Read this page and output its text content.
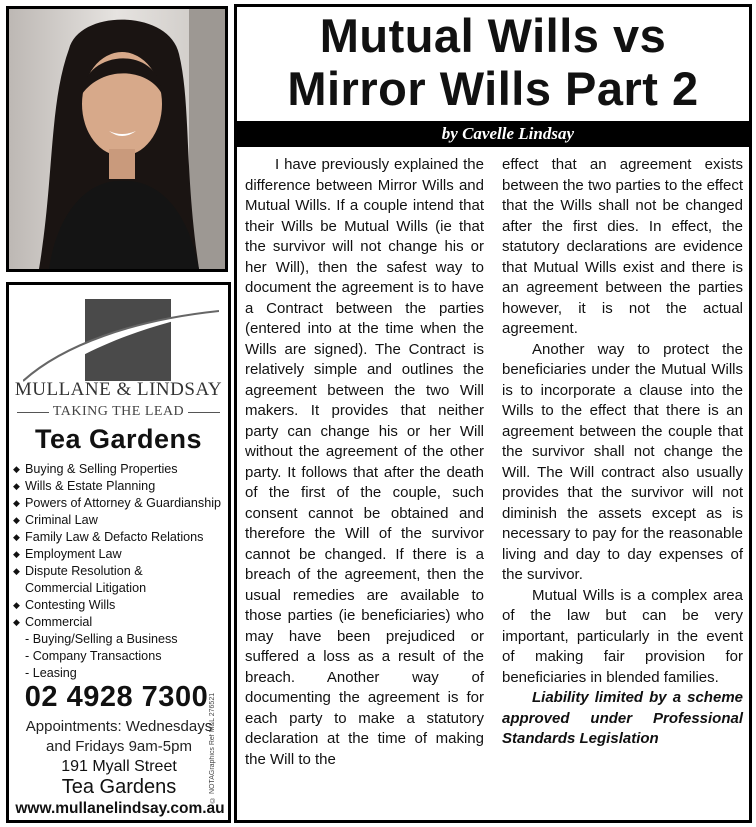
MULLANE & LINDSAY
TAKING THE LEAD
Tea Gardens
◆ Buying & Selling Properties
◆ Wills & Estate Planning
◆ Powers of Attorney & Guardianship
◆ Criminal Law
◆ Family Law & Defacto Relations
◆ Employment Law
◆ Dispute Resolution &
Commercial Litigation
◆ Contesting Wills
◆ Commercial
- Buying/Selling a Business
- Company Transactions
- Leasing
02 4928 7300
Appointments: Wednesdays
and Fridays 9am-5pm
191 Myall Street
Tea Gardens
www.mullanelindsay.com.au
© NOTAGraphics Ref M&L 276521
Mutual Wills vs
Mirror Wills Part 2
by Cavelle Lindsay

I have previously explained the difference between Mirror Wills and Mutual Wills. If a couple intend that their Wills be Mutual Wills (ie that the survivor will not change his or her Will), then the safest way to document the agreement is to have a Contract between the parties (entered into at the time when the Wills are signed). The Contract is relatively simple and outlines the agreement between the two Will makers. It provides that neither party can change his or her Will without the agreement of the other party. It follows that after the death of the first of the couple, such consent cannot be obtained and therefore the Will of the survivor cannot be changed. If there is a breach of the agreement, then the usual remedies are available to those parties (ie beneficiaries) who may have been prejudiced or suffered a loss as a result of the breach. Another way of documenting the agreement is for each party to make a statutory declaration at the time of making the Will to the

effect that an agreement exists between the two parties to the effect that the Wills shall not be changed after the first dies. In effect, the statutory declarations are evidence that Mutual Wills exist and there is an agreement between the parties however, it is not the actual agreement.

Another way to protect the beneficiaries under the Mutual Wills is to incorporate a clause into the Wills to the effect that there is an agreement between the couple that the survivor shall not change the Will. The Will contract also usually provides that the survivor will not diminish the assets except as is necessary to pay for the reasonable living and day to day expenses of the survivor.

Mutual Wills is a complex area of the law but can be very important, particularly in the event of making fair provision for beneficiaries in blended families.

Liability limited by a scheme approved under Professional Standards Legislation
